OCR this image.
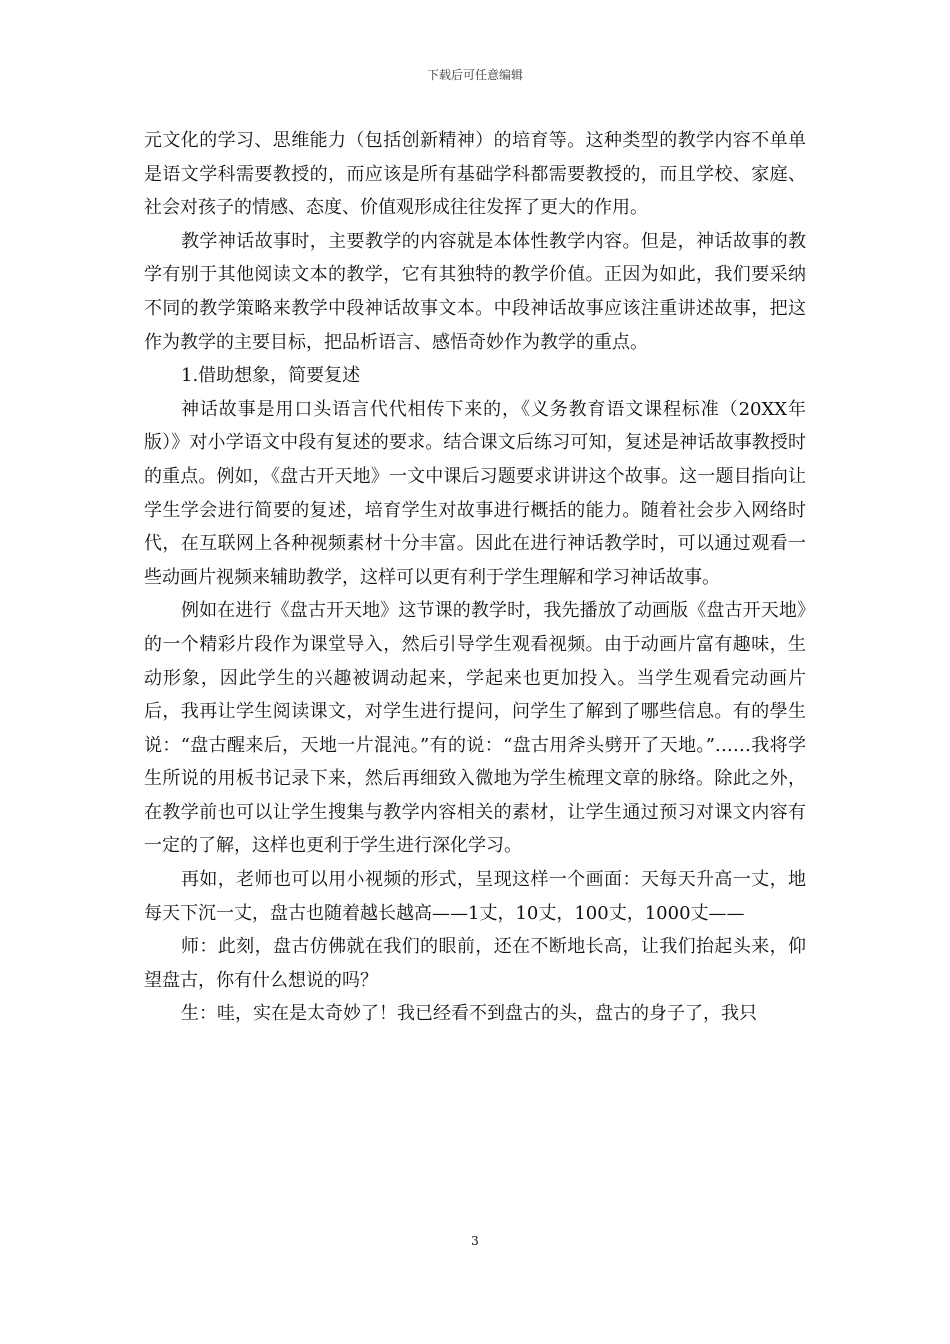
下载后可任意编辑

元文化的学习、思维能力（包括创新精神）的培育等。这种类型的教学内容不单单是语文学科需要教授的，而应该是所有基础学科都需要教授的，而且学校、家庭、社会对孩子的情感、态度、价值观形成往往发挥了更大的作用。

教学神话故事时，主要教学的内容就是本体性教学内容。但是，神话故事的教学有别于其他阅读文本的教学，它有其独特的教学价值。正因为如此，我们要采纳不同的教学策略来教学中段神话故事文本。中段神话故事应该注重讲述故事，把这作为教学的主要目标，把品析语言、感悟奇妙作为教学的重点。

1.借助想象，简要复述

神话故事是用口头语言代代相传下来的，《义务教育语文课程标准（20XX年版）》对小学语文中段有复述的要求。结合课文后练习可知，复述是神话故事教授时的重点。例如，《盘古开天地》一文中课后习题要求讲讲这个故事。这一题目指向让学生学会进行简要的复述，培育学生对故事进行概括的能力。随着社会步入网络时代，在互联网上各种视频素材十分丰富。因此在进行神话教学时，可以通过观看一些动画片视频来辅助教学，这样可以更有利于学生理解和学习神话故事。

例如在进行《盘古开天地》这节课的教学时，我先播放了动画版《盘古开天地》的一个精彩片段作为课堂导入，然后引导学生观看视频。由于动画片富有趣味，生动形象，因此学生的兴趣被调动起来，学起来也更加投入。当学生观看完动画片后，我再让学生阅读课文，对学生进行提问，问学生了解到了哪些信息。有的學生说：“盘古醒来后，天地一片混沌。”有的说：“盘古用斧头劈开了天地。”……我将学生所说的用板书记录下来，然后再细致入微地为学生梳理文章的脉络。除此之外，在教学前也可以让学生搜集与教学内容相关的素材，让学生通过预习对课文内容有一定的了解，这样也更利于学生进行深化学习。

再如，老师也可以用小视频的形式，呈现这样一个画面：天每天升高一丈，地每天下沉一丈，盘古也随着越长越高——1丈，10丈，100丈，1000丈——

师：此刻，盘古仿佛就在我们的眼前，还在不断地长高，让我们抬起头来，仰望盘古，你有什么想说的吗？

生：哇，实在是太奇妙了！我已经看不到盘古的头，盘古的身子了，我只

3
